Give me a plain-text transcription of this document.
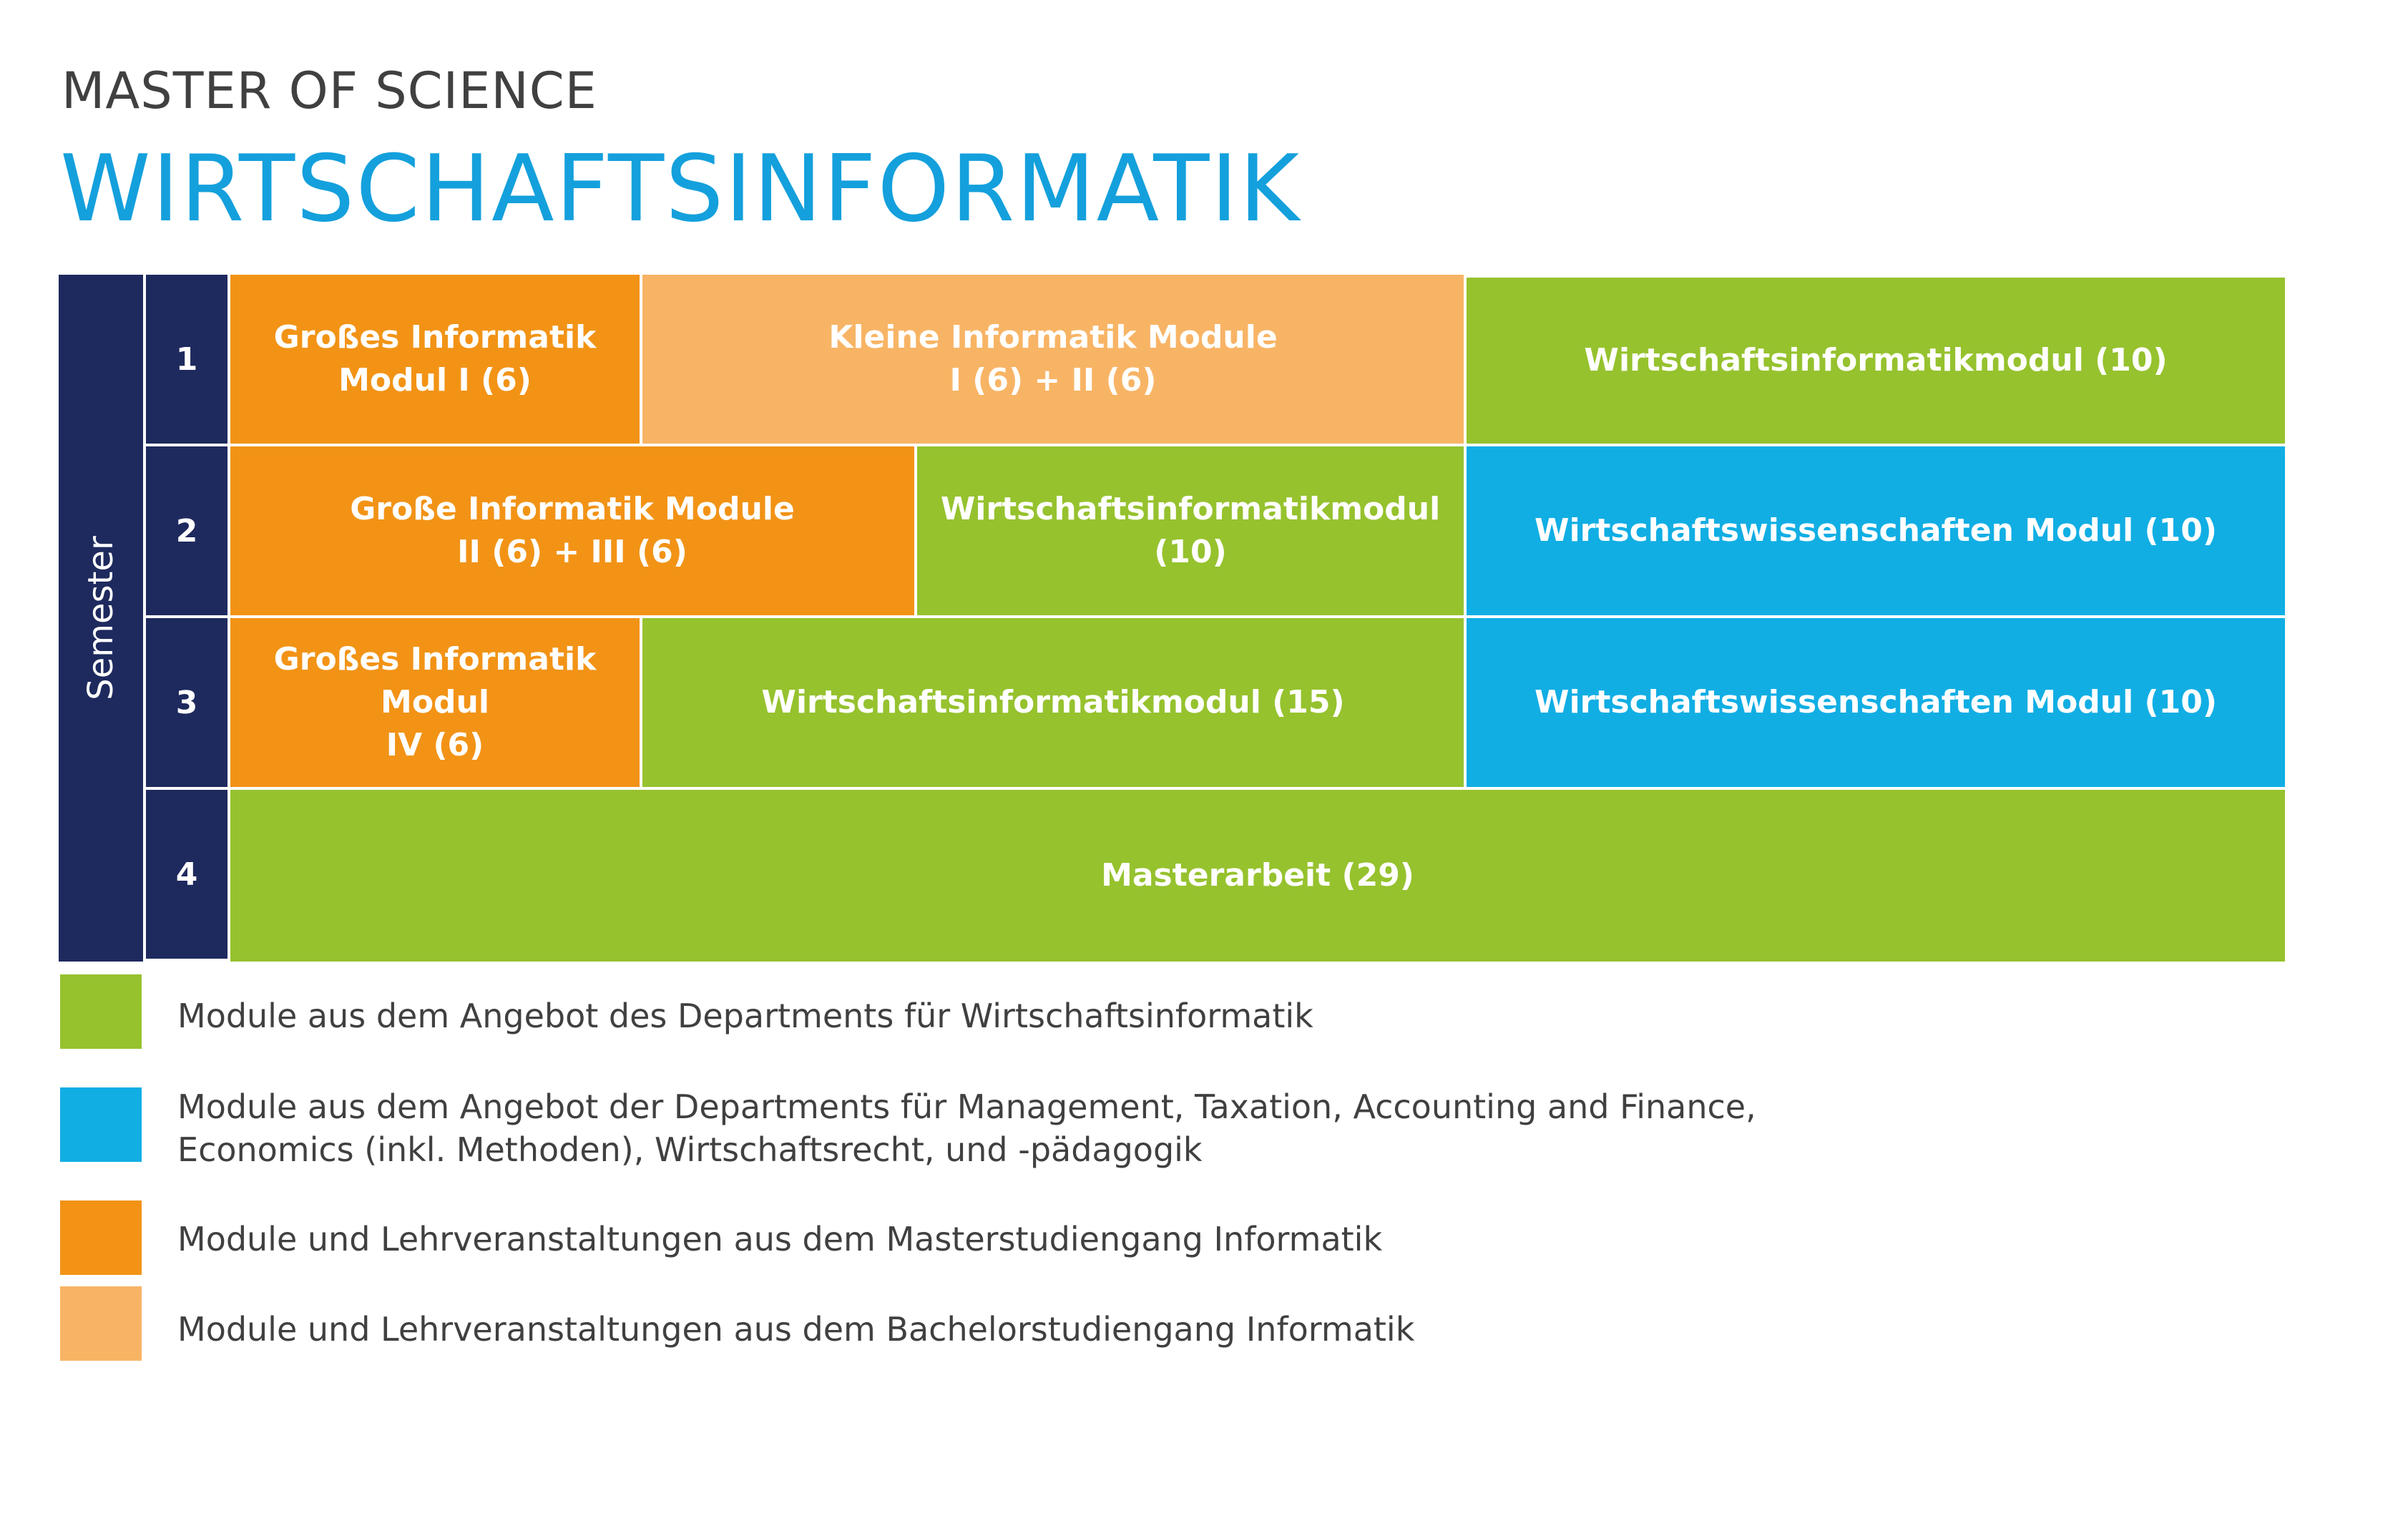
MASTER OF SCIENCE
WIRTSCHAFTSINFORMATIK
Semester
1
2
3
4
Großes Informatik
Modul I (6)
Kleine Informatik Module
I (6) + II (6)
Wirtschaftsinformatikmodul (10)
Große Informatik Module
II (6) + III (6)
Wirtschaftsinformatikmodul (10)
Wirtschaftswissenschaften Modul (10)
Großes Informatik Modul
IV (6)
Wirtschaftsinformatikmodul (15)	Wirtschaftswissenschaften Modul (10)
Masterarbeit (29)
Module aus dem Angebot des Departments für Wirtschaftsinformatik
Module aus dem Angebot der Departments für Management, Taxation, Accounting and Finance,
Economics (inkl. Methoden), Wirtschaftsrecht, und -pädagogik
Module und Lehrveranstaltungen aus dem Masterstudiengang Informatik
Module und Lehrveranstaltungen aus dem Bachelorstudiengang Informatik
